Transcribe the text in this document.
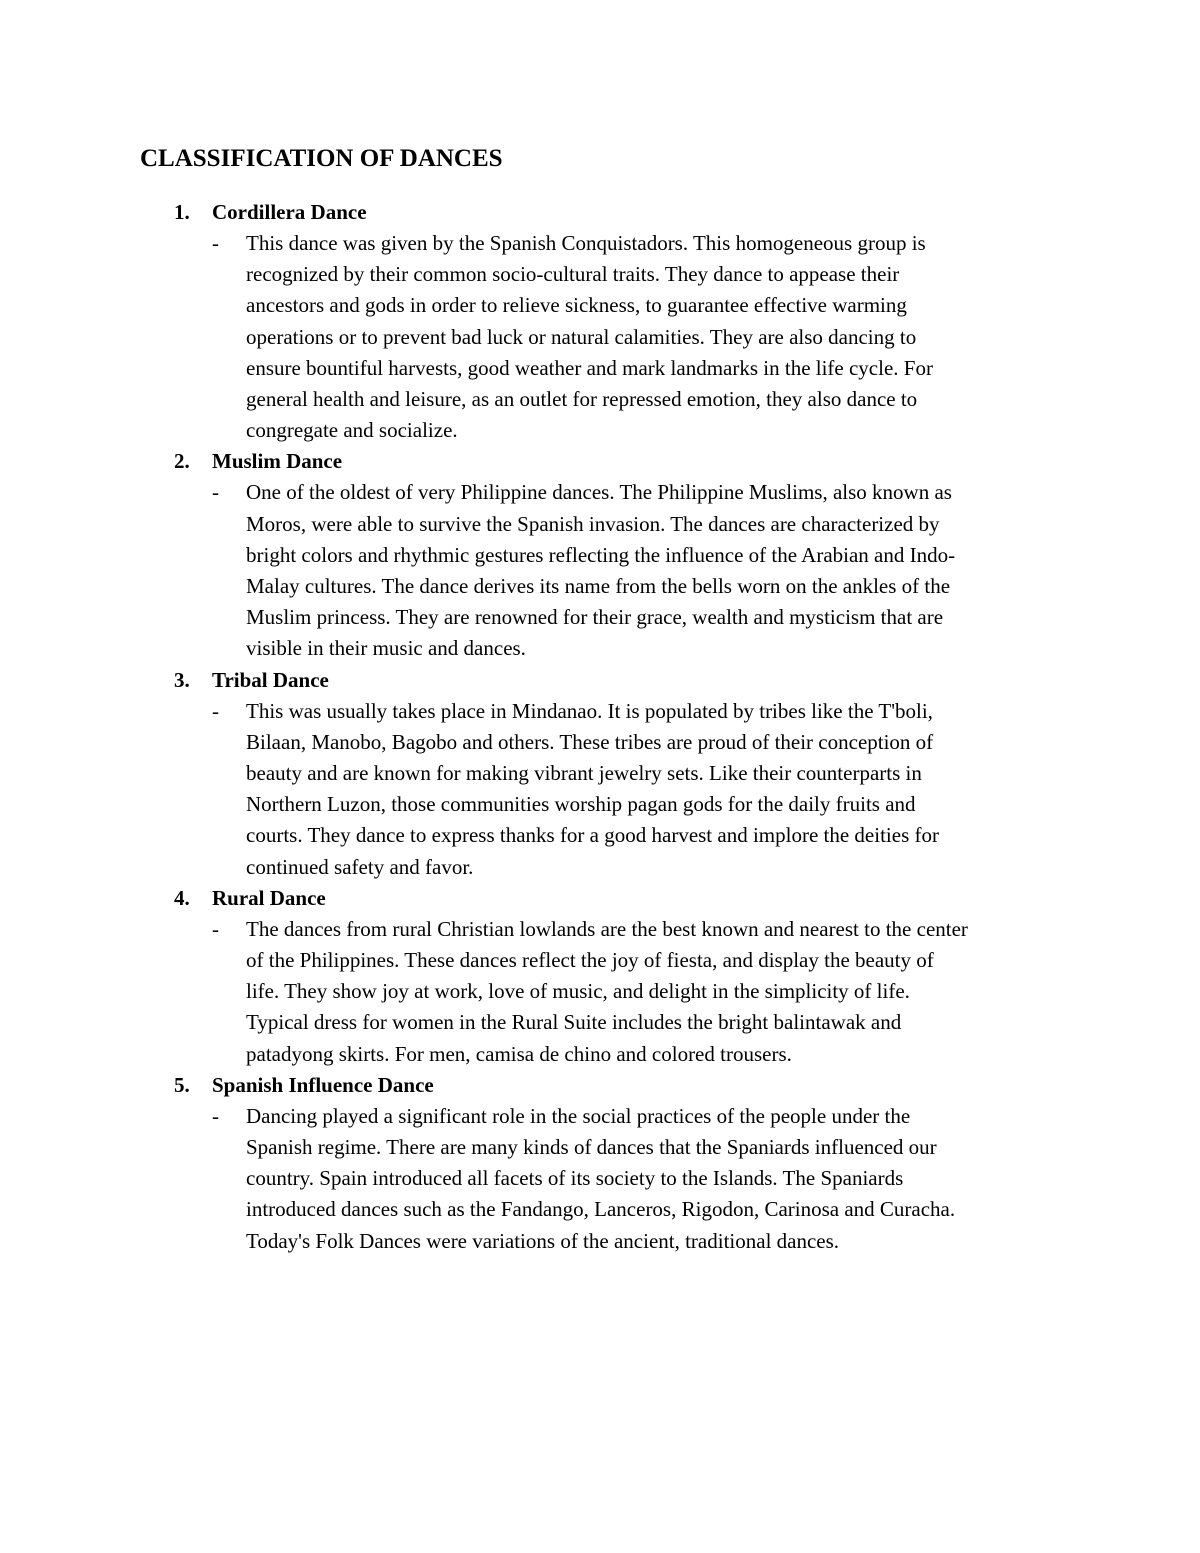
CLASSIFICATION OF DANCES
1. Cordillera Dance
- This dance was given by the Spanish Conquistadors. This homogeneous group is
recognized by their common socio-cultural traits. They dance to appease their
ancestors and gods in order to relieve sickness, to guarantee effective warming
operations or to prevent bad luck or natural calamities. They are also dancing to
ensure bountiful harvests, good weather and mark landmarks in the life cycle. For
general health and leisure, as an outlet for repressed emotion, they also dance to
congregate and socialize.
2. Muslim Dance
- One of the oldest of very Philippine dances. The Philippine Muslims, also known as
Moros, were able to survive the Spanish invasion. The dances are characterized by
bright colors and rhythmic gestures reflecting the influence of the Arabian and Indo-
Malay cultures. The dance derives its name from the bells worn on the ankles of the
Muslim princess. They are renowned for their grace, wealth and mysticism that are
visible in their music and dances.
3. Tribal Dance
- This was usually takes place in Mindanao. It is populated by tribes like the T'boli,
Bilaan, Manobo, Bagobo and others. These tribes are proud of their conception of
beauty and are known for making vibrant jewelry sets. Like their counterparts in
Northern Luzon, those communities worship pagan gods for the daily fruits and
courts. They dance to express thanks for a good harvest and implore the deities for
continued safety and favor.
4. Rural Dance
- The dances from rural Christian lowlands are the best known and nearest to the center
of the Philippines. These dances reflect the joy of fiesta, and display the beauty of
life. They show joy at work, love of music, and delight in the simplicity of life.
Typical dress for women in the Rural Suite includes the bright balintawak and
patadyong skirts. For men, camisa de chino and colored trousers.
5. Spanish Influence Dance
- Dancing played a significant role in the social practices of the people under the
Spanish regime. There are many kinds of dances that the Spaniards influenced our
country. Spain introduced all facets of its society to the Islands. The Spaniards
introduced dances such as the Fandango, Lanceros, Rigodon, Carinosa and Curacha.
Today's Folk Dances were variations of the ancient, traditional dances.
